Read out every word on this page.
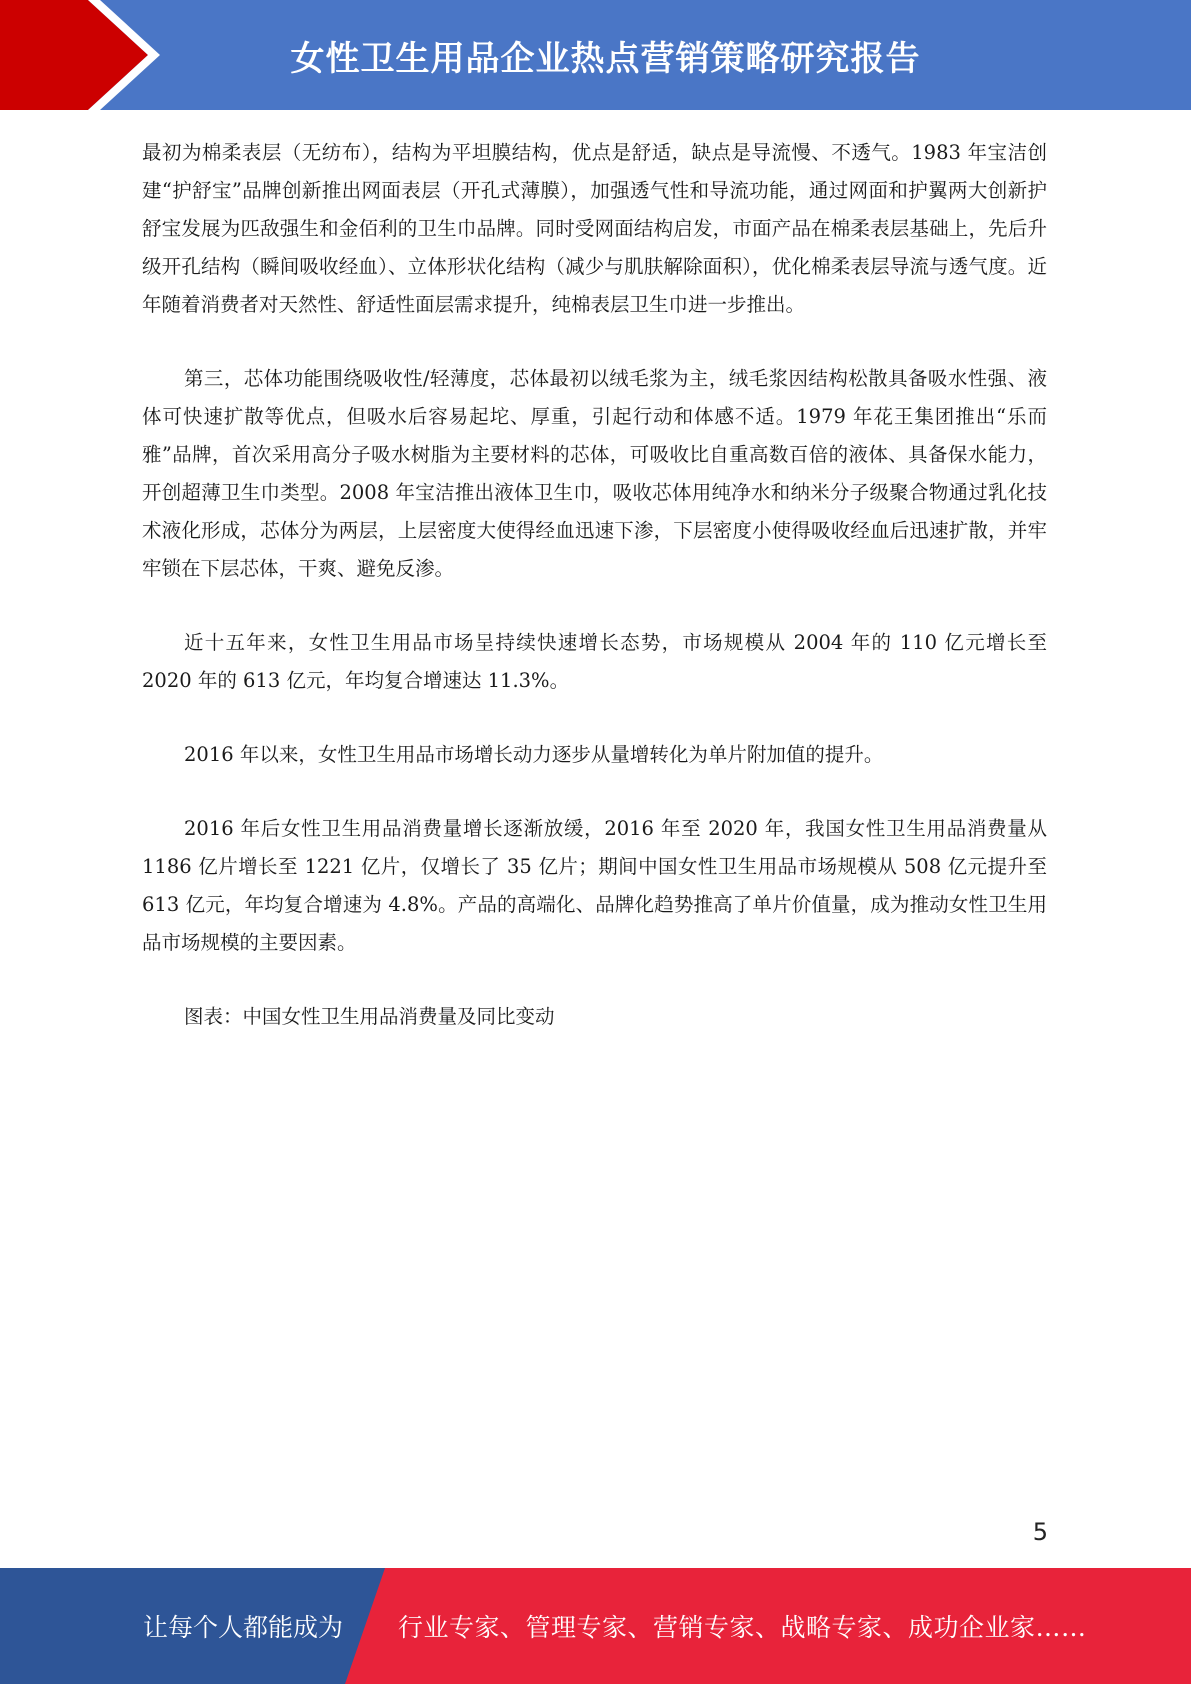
女性卫生用品企业热点营销策略研究报告

最初为棉柔表层（无纺布），结构为平坦膜结构，优点是舒适，缺点是导流慢、不透气。1983 年宝洁创建“护舒宝”品牌创新推出网面表层（开孔式薄膜），加强透气性和导流功能，通过网面和护翼两大创新护舒宝发展为匹敌强生和金佰利的卫生巾品牌。同时受网面结构启发，市面产品在棉柔表层基础上，先后升级开孔结构（瞬间吸收经血）、立体形状化结构（减少与肌肤解除面积），优化棉柔表层导流与透气度。近年随着消费者对天然性、舒适性面层需求提升，纯棉表层卫生巾进一步推出。

第三，芯体功能围绕吸收性/轻薄度，芯体最初以绒毛浆为主，绒毛浆因结构松散具备吸水性强、液体可快速扩散等优点，但吸水后容易起坨、厚重，引起行动和体感不适。1979 年花王集团推出“乐而雅”品牌，首次采用高分子吸水树脂为主要材料的芯体，可吸收比自重高数百倍的液体、具备保水能力，开创超薄卫生巾类型。2008 年宝洁推出液体卫生巾，吸收芯体用纯净水和纳米分子级聚合物通过乳化技术液化形成，芯体分为两层，上层密度大使得经血迅速下渗，下层密度小使得吸收经血后迅速扩散，并牢牢锁在下层芯体，干爽、避免反渗。

近十五年来，女性卫生用品市场呈持续快速增长态势，市场规模从 2004 年的 110 亿元增长至 2020 年的 613 亿元，年均复合增速达 11.3%。

2016 年以来，女性卫生用品市场增长动力逐步从量增转化为单片附加值的提升。

2016 年后女性卫生用品消费量增长逐渐放缓，2016 年至 2020 年，我国女性卫生用品消费量从 1186 亿片增长至 1221 亿片，仅增长了 35 亿片；期间中国女性卫生用品市场规模从 508 亿元提升至 613 亿元，年均复合增速为 4.8%。产品的高端化、品牌化趋势推高了单片价值量，成为推动女性卫生用品市场规模的主要因素。

图表：中国女性卫生用品消费量及同比变动

5
让每个人都能成为 行业专家、管理专家、营销专家、战略专家、成功企业家……
